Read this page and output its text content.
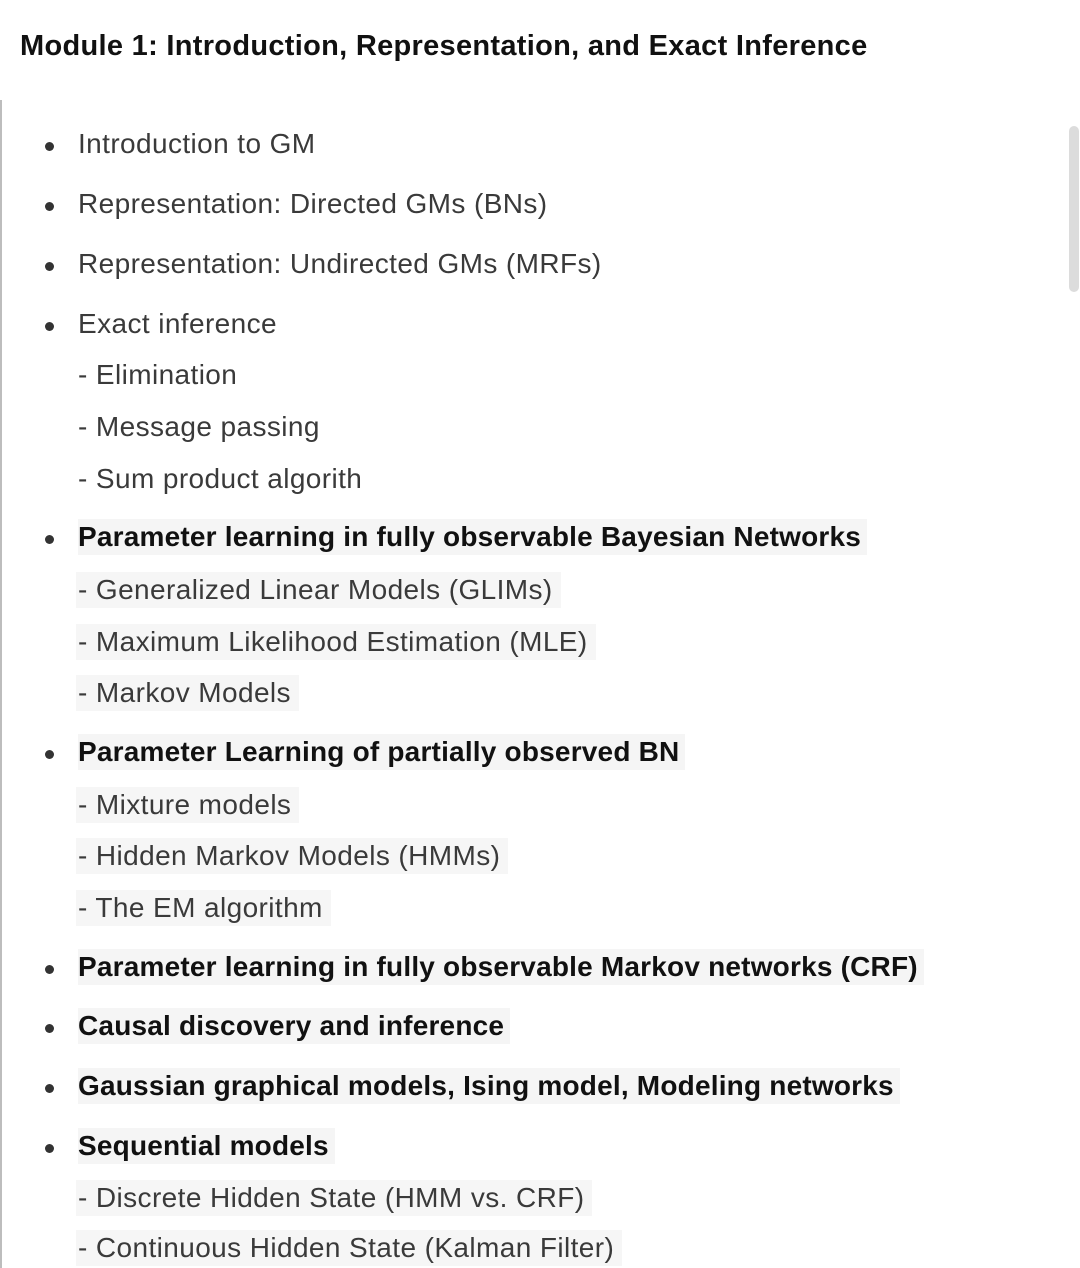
Module 1: Introduction, Representation, and Exact Inference
Introduction to GM
Representation: Directed GMs (BNs)
Representation: Undirected GMs (MRFs)
Exact inference
- Elimination
- Message passing
- Sum product algorith
Parameter learning in fully observable Bayesian Networks
- Generalized Linear Models (GLIMs)
- Maximum Likelihood Estimation (MLE)
- Markov Models
Parameter Learning of partially observed BN
- Mixture models
- Hidden Markov Models (HMMs)
- The EM algorithm
Parameter learning in fully observable Markov networks (CRF)
Causal discovery and inference
Gaussian graphical models, Ising model, Modeling networks
Sequential models
- Discrete Hidden State (HMM vs. CRF)
- Continuous Hidden State (Kalman Filter)
